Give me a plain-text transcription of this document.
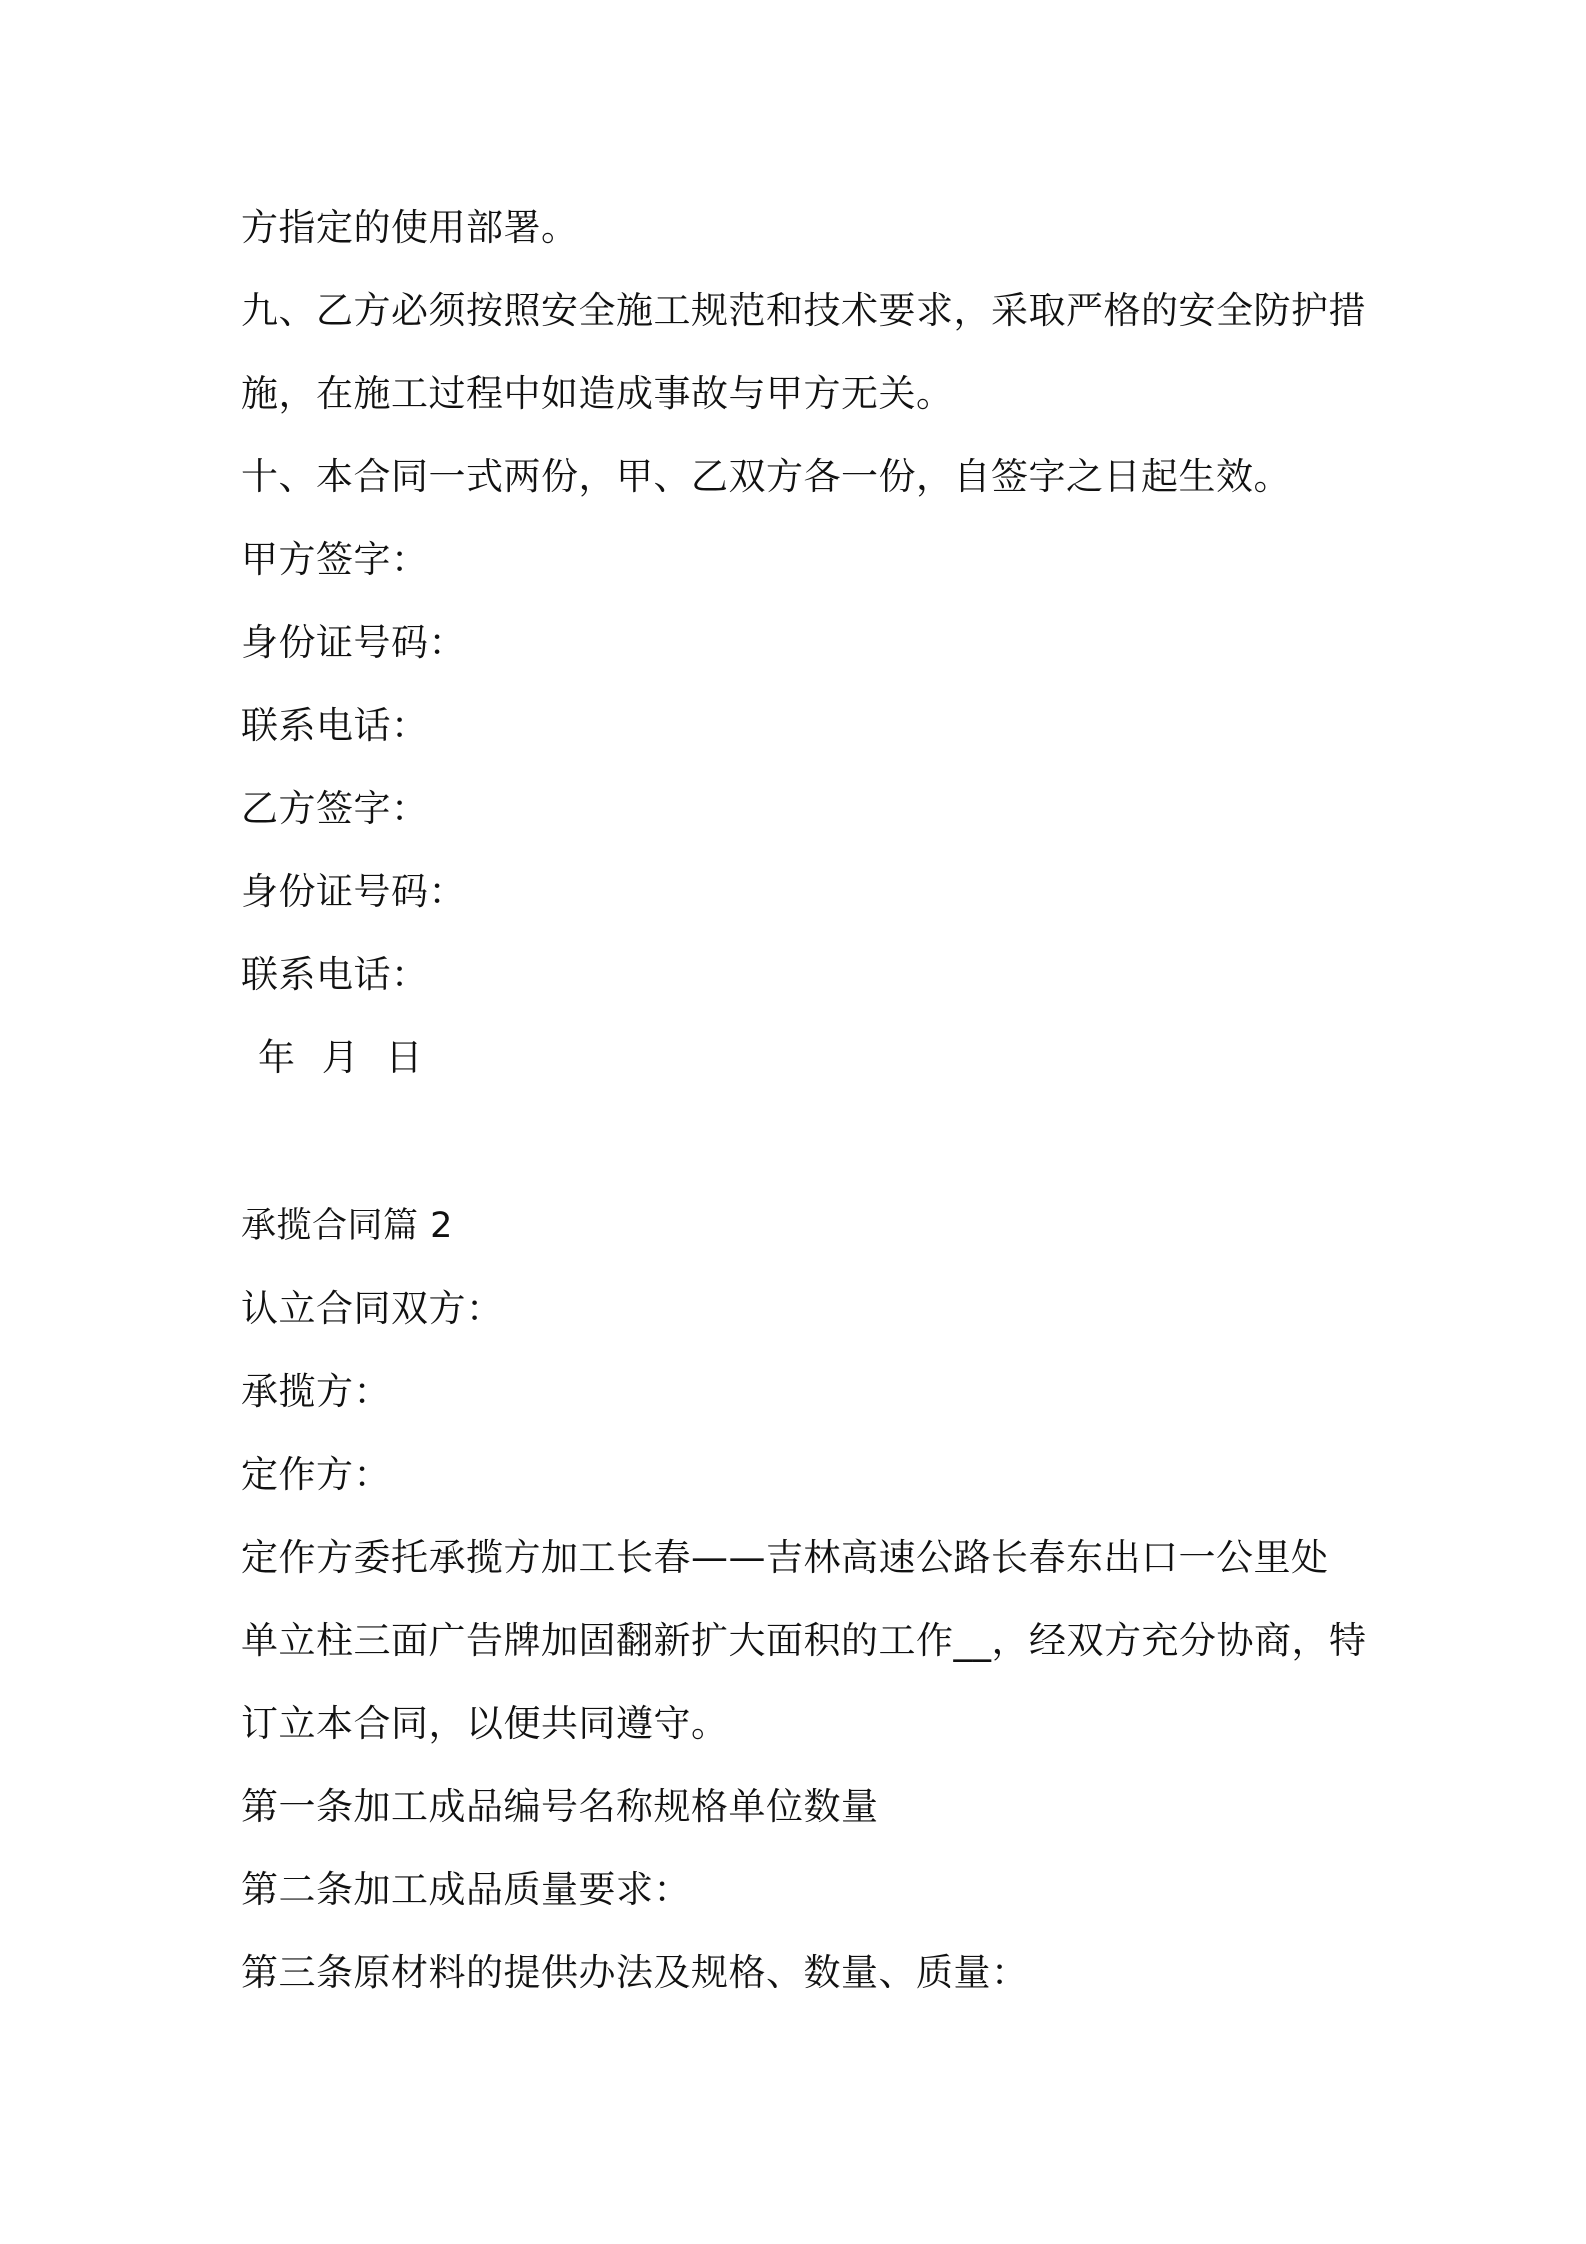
方指定的使用部署。
九、乙方必须按照安全施工规范和技术要求，采取严格的安全防护措
施，在施工过程中如造成事故与甲方无关。
十、本合同一式两份，甲、乙双方各一份，自签字之日起生效。
甲方签字：
身份证号码：
联系电话：
乙方签字：
身份证号码：
联系电话：
年 月 日
承揽合同篇 2
认立合同双方：
承揽方：
定作方：
定作方委托承揽方加工长春——吉林高速公路长春东出口一公里处
单立柱三面广告牌加固翻新扩大面积的工作__，经双方充分协商，特
订立本合同，以便共同遵守。
第一条加工成品编号名称规格单位数量
第二条加工成品质量要求：
第三条原材料的提供办法及规格、数量、质量：
